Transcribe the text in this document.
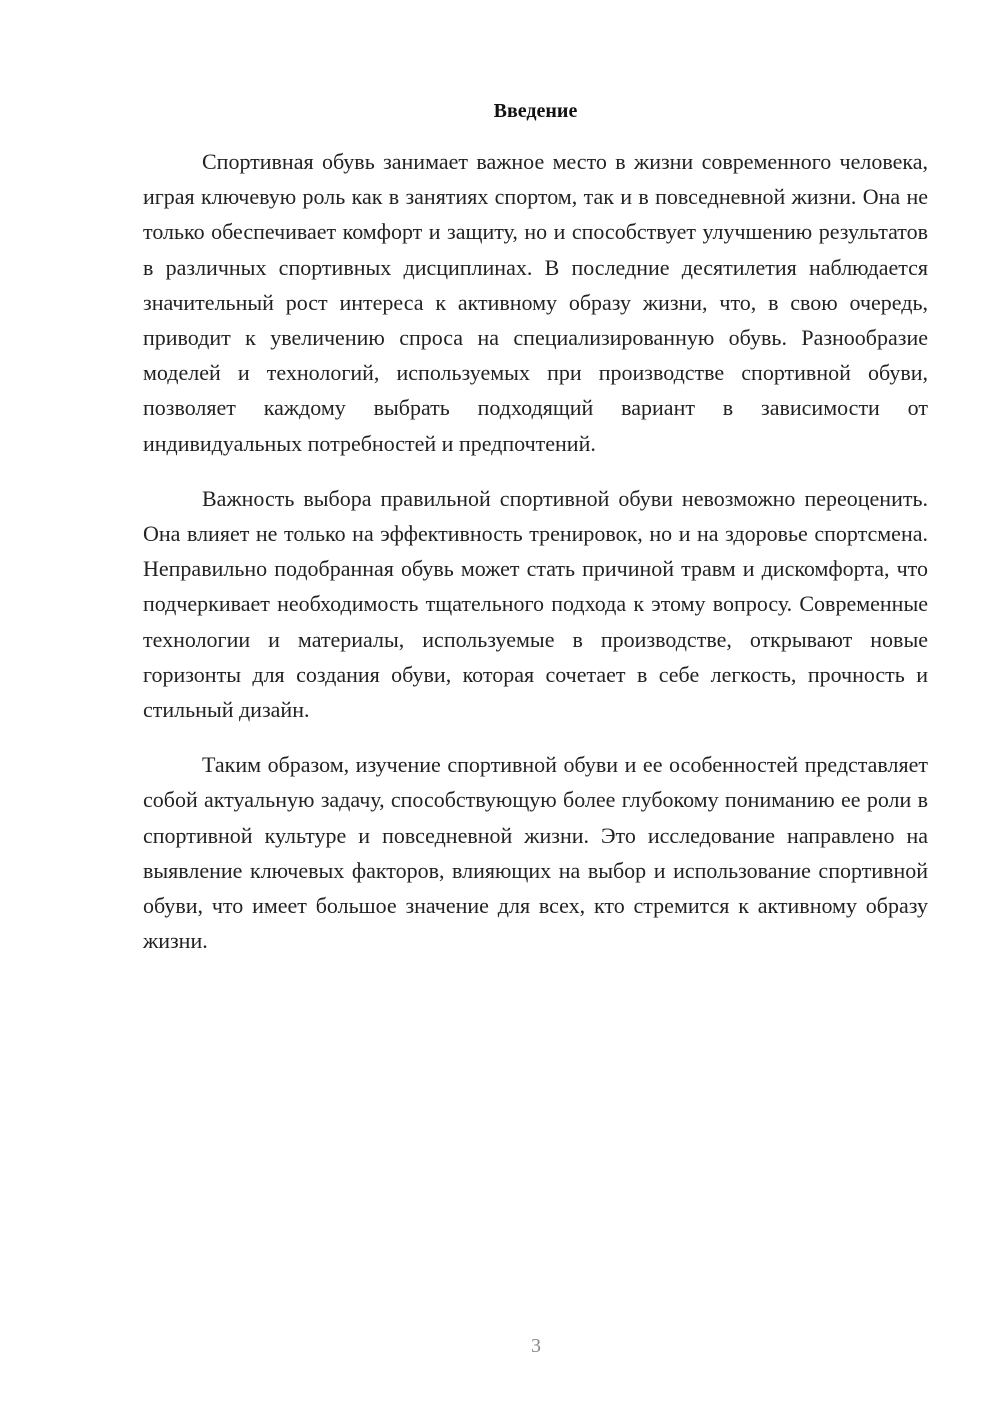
Введение

Спортивная обувь занимает важное место в жизни современного человека, играя ключевую роль как в занятиях спортом, так и в повседневной жизни. Она не только обеспечивает комфорт и защиту, но и способствует улучшению результатов в различных спортивных дисциплинах. В последние десятилетия наблюдается значительный рост интереса к активному образу жизни, что, в свою очередь, приводит к увеличению спроса на специализированную обувь. Разнообразие моделей и технологий, используемых при производстве спортивной обуви, позволяет каждому выбрать подходящий вариант в зависимости от индивидуальных потребностей и предпочтений.

Важность выбора правильной спортивной обуви невозможно переоценить. Она влияет не только на эффективность тренировок, но и на здоровье спортсмена. Неправильно подобранная обувь может стать причиной травм и дискомфорта, что подчеркивает необходимость тщательного подхода к этому вопросу. Современные технологии и материалы, используемые в производстве, открывают новые горизонты для создания обуви, которая сочетает в себе легкость, прочность и стильный дизайн.

Таким образом, изучение спортивной обуви и ее особенностей представляет собой актуальную задачу, способствующую более глубокому пониманию ее роли в спортивной культуре и повседневной жизни. Это исследование направлено на выявление ключевых факторов, влияющих на выбор и использование спортивной обуви, что имеет большое значение для всех, кто стремится к активному образу жизни.

3
